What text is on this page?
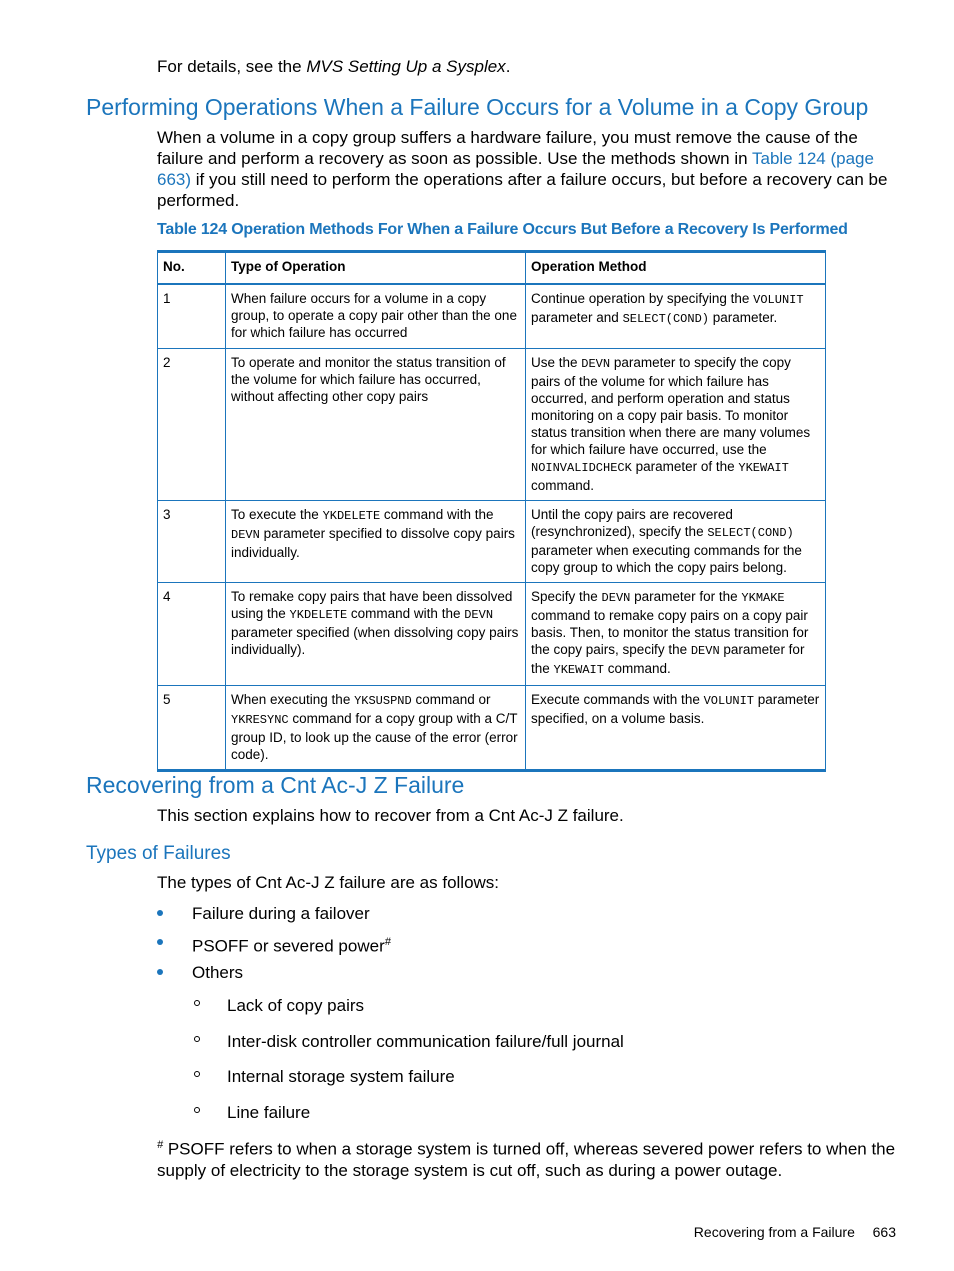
For details, see the MVS Setting Up a Sysplex.
Performing Operations When a Failure Occurs for a Volume in a Copy Group
When a volume in a copy group suffers a hardware failure, you must remove the cause of the failure and perform a recovery as soon as possible. Use the methods shown in Table 124 (page 663) if you still need to perform the operations after a failure occurs, but before a recovery can be performed.
Table 124 Operation Methods For When a Failure Occurs But Before a Recovery Is Performed
No.	Type of Operation	Operation Method
1	When failure occurs for a volume in a copy group, to operate a copy pair other than the one for which failure has occurred	Continue operation by specifying the VOLUNIT parameter and SELECT(COND) parameter.
2	To operate and monitor the status transition of the volume for which failure has occurred, without affecting other copy pairs	Use the DEVN parameter to specify the copy pairs of the volume for which failure has occurred, and perform operation and status monitoring on a copy pair basis. To monitor status transition when there are many volumes for which failure have occurred, use the NOINVALIDCHECK parameter of the YKEWAIT command.
3	To execute the YKDELETE command with the DEVN parameter specified to dissolve copy pairs individually.	Until the copy pairs are recovered (resynchronized), specify the SELECT(COND) parameter when executing commands for the copy group to which the copy pairs belong.
4	To remake copy pairs that have been dissolved using the YKDELETE command with the DEVN parameter specified (when dissolving copy pairs individually).	Specify the DEVN parameter for the YKMAKE command to remake copy pairs on a copy pair basis. Then, to monitor the status transition for the copy pairs, specify the DEVN parameter for the YKEWAIT command.
5	When executing the YKSUSPND command or YKRESYNC command for a copy group with a C/T group ID, to look up the cause of the error (error code).	Execute commands with the VOLUNIT parameter specified, on a volume basis.
Recovering from a Cnt Ac-J Z Failure
This section explains how to recover from a Cnt Ac-J Z failure.
Types of Failures
The types of Cnt Ac-J Z failure are as follows:
Failure during a failover
PSOFF or severed power#
Others
Lack of copy pairs
Inter-disk controller communication failure/full journal
Internal storage system failure
Line failure
# PSOFF refers to when a storage system is turned off, whereas severed power refers to when the supply of electricity to the storage system is cut off, such as during a power outage.
Recovering from a Failure 663
